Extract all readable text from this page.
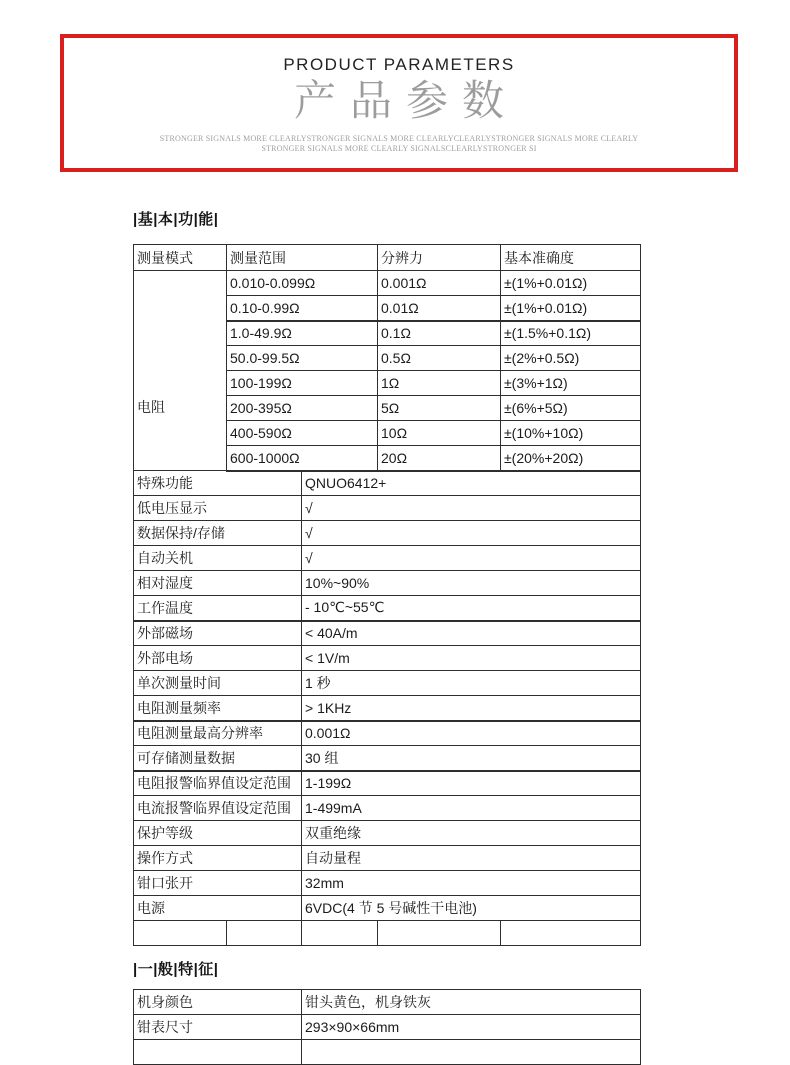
PRODUCT PARAMETERS
产品参数
STRONGER SIGNALS MORE CLEARLYSTRONGER SIGNALS MORE CLEARLYCLEARLYSTRONGER SIGNALS MORE CLEARLY
STRONGER SIGNALS MORE CLEARLY SIGNALSCLEARLYSTRONGER SI
|基|本|功|能|
测量模式	测量范围		分辨力	基本准确度
电阻	0.010-0.099Ω		0.001Ω	±(1%+0.01Ω)
	0.10-0.99Ω		0.01Ω	±(1%+0.01Ω)
	1.0-49.9Ω		0.1Ω	±(1.5%+0.1Ω)
	50.0-99.5Ω		0.5Ω	±(2%+0.5Ω)
	100-199Ω		1Ω	±(3%+1Ω)
	200-395Ω		5Ω	±(6%+5Ω)
	400-590Ω		10Ω	±(10%+10Ω)
	600-1000Ω		20Ω	±(20%+20Ω)
特殊功能		QNUO6412+		
低电压显示		√		
数据保持/存储		√		
自动关机		√		
相对湿度		10%~90%		
工作温度		- 10℃~55℃		
外部磁场		< 40A/m		
外部电场		< 1V/m		
单次测量时间		1 秒		
电阻测量频率		> 1KHz		
电阻测量最高分辨率		0.001Ω		
可存储测量数据		30 组		
电阻报警临界值设定范围		1-199Ω		
电流报警临界值设定范围		1-499mA		
保护等级		双重绝缘		
操作方式		自动量程		
钳口张开		32mm		
电源		6VDC(4 节 5 号碱性干电池)		

|一|般|特|征|
机身颜色	钳头黄色，机身铁灰
钳表尺寸	293×90×66mm
